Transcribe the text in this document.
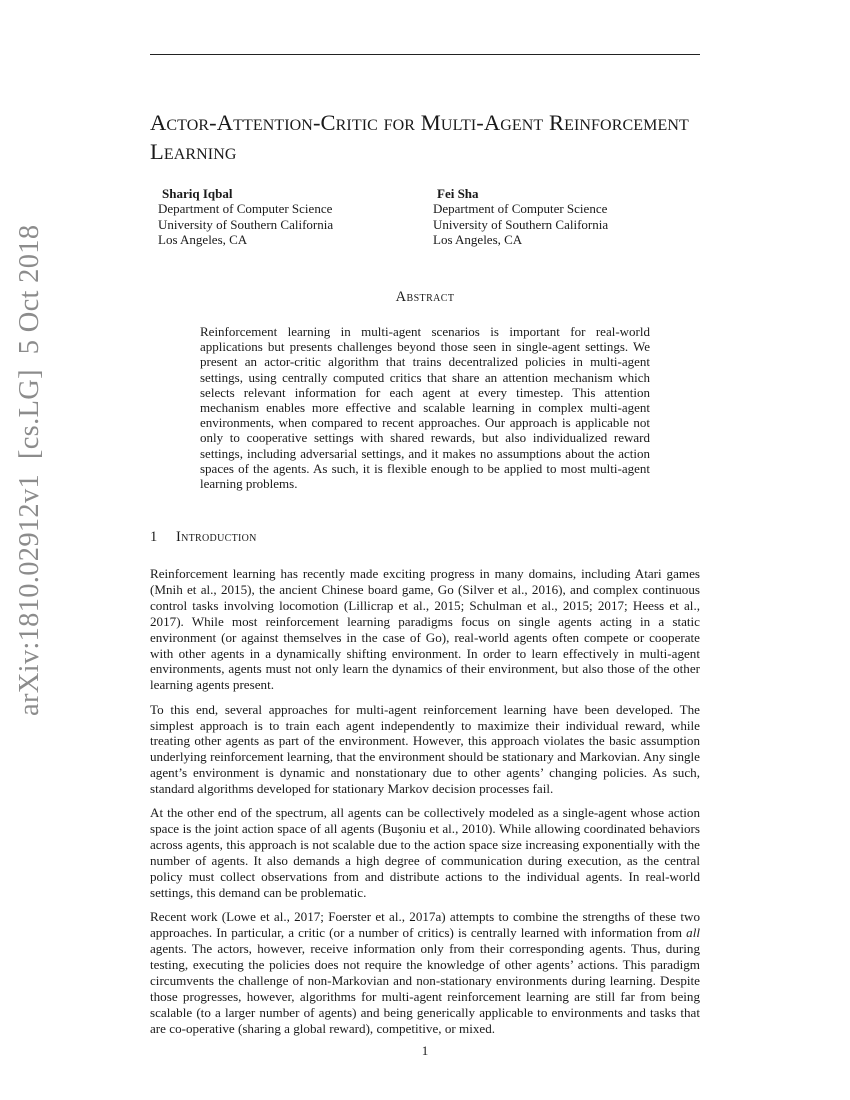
Actor-Attention-Critic for Multi-Agent Reinforcement Learning
Shariq Iqbal
Department of Computer Science
University of Southern California
Los Angeles, CA
Fei Sha
Department of Computer Science
University of Southern California
Los Angeles, CA
Abstract

Reinforcement learning in multi-agent scenarios is important for real-world applications but presents challenges beyond those seen in single-agent settings. We present an actor-critic algorithm that trains decentralized policies in multi-agent settings, using centrally computed critics that share an attention mechanism which selects relevant information for each agent at every timestep. This attention mechanism enables more effective and scalable learning in complex multi-agent environments, when compared to recent approaches. Our approach is applicable not only to cooperative settings with shared rewards, but also individualized reward settings, including adversarial settings, and it makes no assumptions about the action spaces of the agents. As such, it is flexible enough to be applied to most multi-agent learning problems.

1 Introduction

Reinforcement learning has recently made exciting progress in many domains, including Atari games (Mnih et al., 2015), the ancient Chinese board game, Go (Silver et al., 2016), and complex continuous control tasks involving locomotion (Lillicrap et al., 2015; Schulman et al., 2015; 2017; Heess et al., 2017). While most reinforcement learning paradigms focus on single agents acting in a static environment (or against themselves in the case of Go), real-world agents often compete or cooperate with other agents in a dynamically shifting environment. In order to learn effectively in multi-agent environments, agents must not only learn the dynamics of their environment, but also those of the other learning agents present.

To this end, several approaches for multi-agent reinforcement learning have been developed. The simplest approach is to train each agent independently to maximize their individual reward, while treating other agents as part of the environment. However, this approach violates the basic assumption underlying reinforcement learning, that the environment should be stationary and Markovian. Any single agent’s environment is dynamic and nonstationary due to other agents’ changing policies. As such, standard algorithms developed for stationary Markov decision processes fail.

At the other end of the spectrum, all agents can be collectively modeled as a single-agent whose action space is the joint action space of all agents (Buşoniu et al., 2010). While allowing coordinated behaviors across agents, this approach is not scalable due to the action space size increasing exponentially with the number of agents. It also demands a high degree of communication during execution, as the central policy must collect observations from and distribute actions to the individual agents. In real-world settings, this demand can be problematic.

Recent work (Lowe et al., 2017; Foerster et al., 2017a) attempts to combine the strengths of these two approaches. In particular, a critic (or a number of critics) is centrally learned with information from all agents. The actors, however, receive information only from their corresponding agents. Thus, during testing, executing the policies does not require the knowledge of other agents’ actions. This paradigm circumvents the challenge of non-Markovian and non-stationary environments during learning. Despite those progresses, however, algorithms for multi-agent reinforcement learning are still far from being scalable (to a larger number of agents) and being generically applicable to environments and tasks that are co-operative (sharing a global reward), competitive, or mixed.

1
arXiv:1810.02912v1  [cs.LG]  5 Oct 2018
